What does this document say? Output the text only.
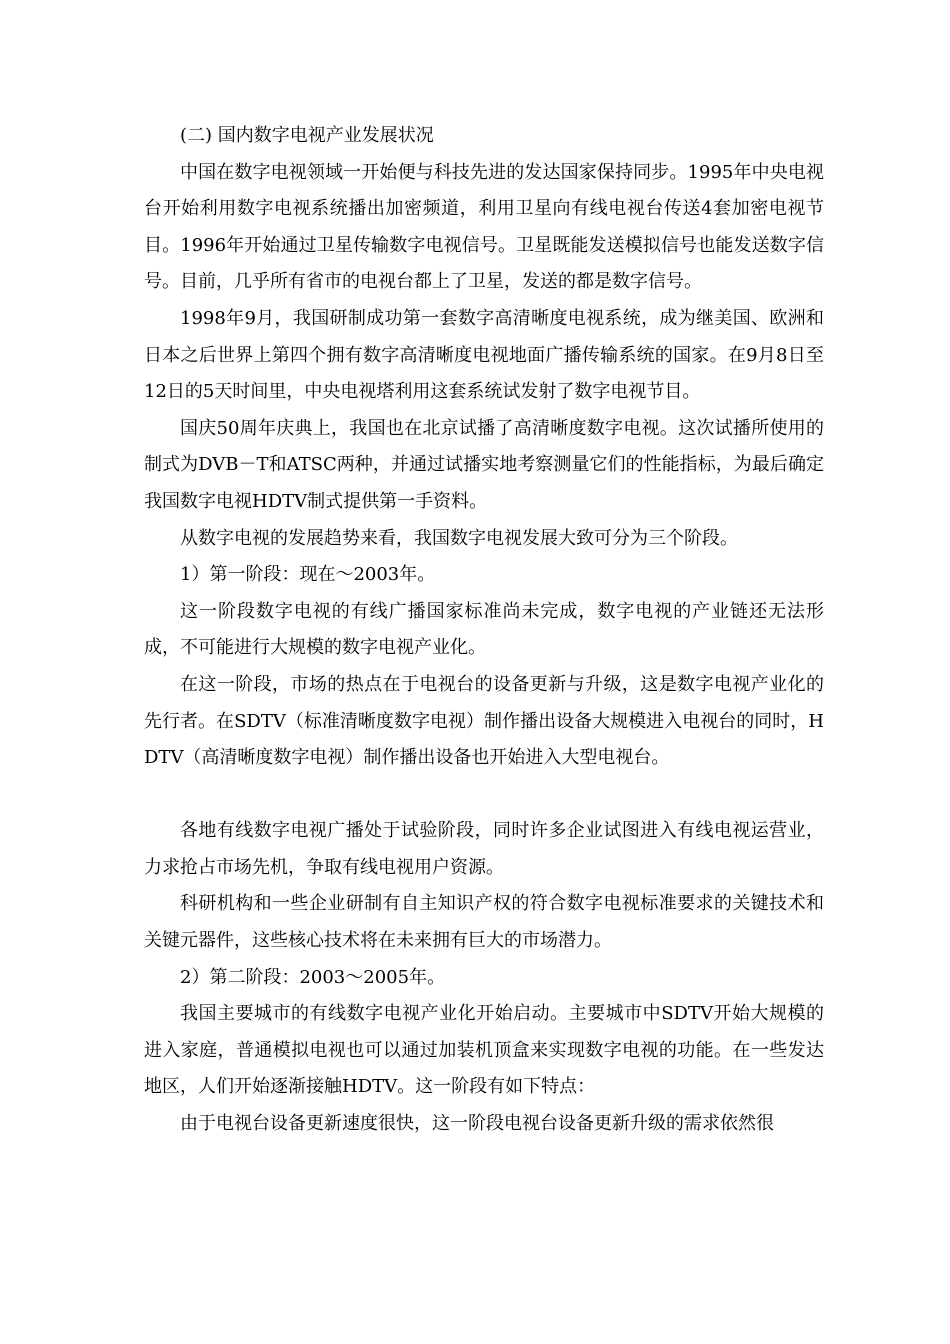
(二) 国内数字电视产业发展状况

中国在数字电视领域一开始便与科技先进的发达国家保持同步。1995年中央电视台开始利用数字电视系统播出加密频道，利用卫星向有线电视台传送4套加密电视节目。1996年开始通过卫星传输数字电视信号。卫星既能发送模拟信号也能发送数字信号。目前，几乎所有省市的电视台都上了卫星，发送的都是数字信号。

1998年9月，我国研制成功第一套数字高清晰度电视系统，成为继美国、欧洲和日本之后世界上第四个拥有数字高清晰度电视地面广播传输系统的国家。在9月8日至12日的5天时间里，中央电视塔利用这套系统试发射了数字电视节目。

国庆50周年庆典上，我国也在北京试播了高清晰度数字电视。这次试播所使用的制式为DVB－T和ATSC两种，并通过试播实地考察测量它们的性能指标，为最后确定我国数字电视HDTV制式提供第一手资料。

从数字电视的发展趋势来看，我国数字电视发展大致可分为三个阶段。

1）第一阶段：现在～2003年。

这一阶段数字电视的有线广播国家标准尚未完成，数字电视的产业链还无法形成，不可能进行大规模的数字电视产业化。

在这一阶段，市场的热点在于电视台的设备更新与升级，这是数字电视产业化的先行者。在SDTV（标准清晰度数字电视）制作播出设备大规模进入电视台的同时，HDTV（高清晰度数字电视）制作播出设备也开始进入大型电视台。

各地有线数字电视广播处于试验阶段，同时许多企业试图进入有线电视运营业，力求抢占市场先机，争取有线电视用户资源。

科研机构和一些企业研制有自主知识产权的符合数字电视标准要求的关键技术和关键元器件，这些核心技术将在未来拥有巨大的市场潜力。

2）第二阶段：2003～2005年。

我国主要城市的有线数字电视产业化开始启动。主要城市中SDTV开始大规模的进入家庭，普通模拟电视也可以通过加装机顶盒来实现数字电视的功能。在一些发达地区，人们开始逐渐接触HDTV。这一阶段有如下特点：

由于电视台设备更新速度很快，这一阶段电视台设备更新升级的需求依然很
